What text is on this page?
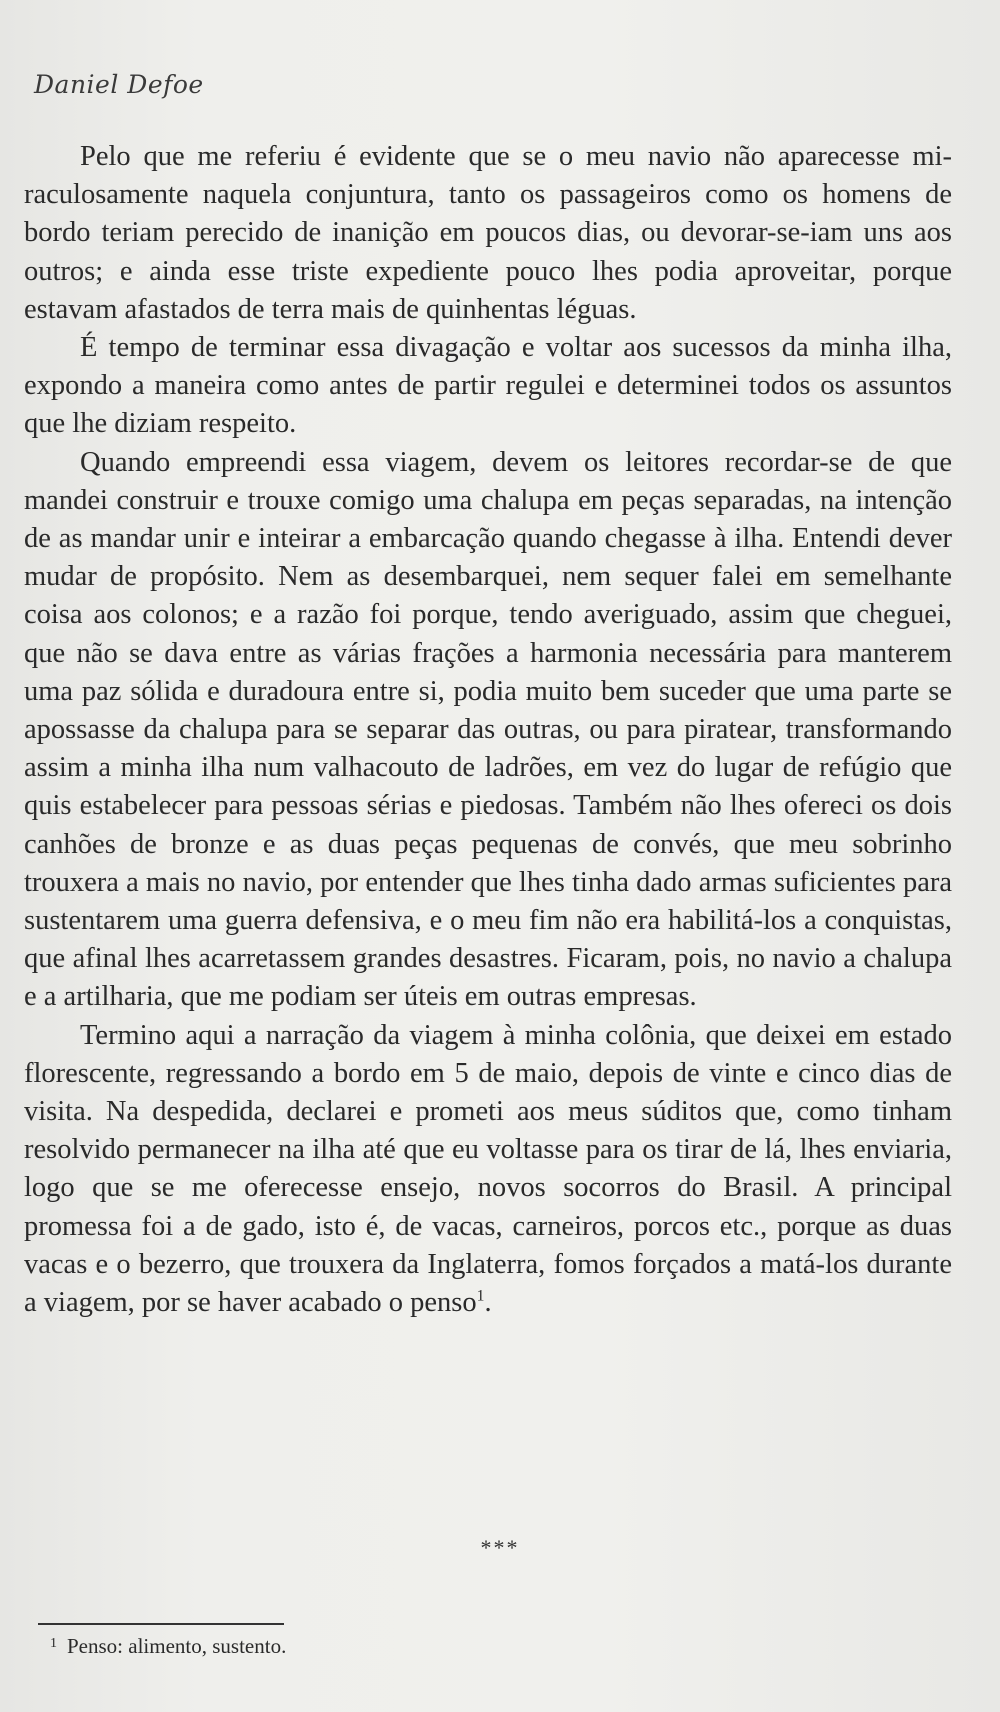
Daniel Defoe

Pelo que me referiu é evidente que se o meu navio não aparecesse miraculosamente naquela conjuntura, tanto os passageiros como os homens de bordo teriam perecido de inanição em poucos dias, ou devorar-se-iam uns aos outros; e ainda esse triste expediente pouco lhes podia aproveitar, porque estavam afastados de terra mais de quinhentas léguas.

É tempo de terminar essa divagação e voltar aos sucessos da minha ilha, expondo a maneira como antes de partir regulei e determinei todos os assuntos que lhe diziam respeito.

Quando empreendi essa viagem, devem os leitores recordar-se de que mandei construir e trouxe comigo uma chalupa em peças separadas, na intenção de as mandar unir e inteirar a embarcação quando chegasse à ilha. Entendi dever mudar de propósito. Nem as desembarquei, nem sequer falei em semelhante coisa aos colonos; e a razão foi porque, tendo averiguado, assim que cheguei, que não se dava entre as várias frações a harmonia necessária para manterem uma paz sólida e duradoura entre si, podia muito bem suceder que uma parte se apossasse da chalupa para se separar das outras, ou para piratear, transformando assim a minha ilha num valhacouto de ladrões, em vez do lugar de refúgio que quis estabelecer para pessoas sérias e piedosas. Também não lhes ofereci os dois canhões de bronze e as duas peças pequenas de convés, que meu sobrinho trouxera a mais no navio, por entender que lhes tinha dado armas suficientes para sustentarem uma guerra defensiva, e o meu fim não era habilitá-los a conquistas, que afinal lhes acarretassem grandes desastres. Ficaram, pois, no navio a chalupa e a artilharia, que me podiam ser úteis em outras empresas.

Termino aqui a narração da viagem à minha colônia, que deixei em estado florescente, regressando a bordo em 5 de maio, depois de vinte e cinco dias de visita. Na despedida, declarei e prometi aos meus súditos que, como tinham resolvido permanecer na ilha até que eu voltasse para os tirar de lá, lhes enviaria, logo que se me oferecesse ensejo, novos socorros do Brasil. A principal promessa foi a de gado, isto é, de vacas, carneiros, porcos etc., porque as duas vacas e o bezerro, que trouxera da Inglaterra, fomos forçados a matá-los durante a viagem, por se haver acabado o penso$^1$.

***
$^1$ Penso: alimento, sustento.
